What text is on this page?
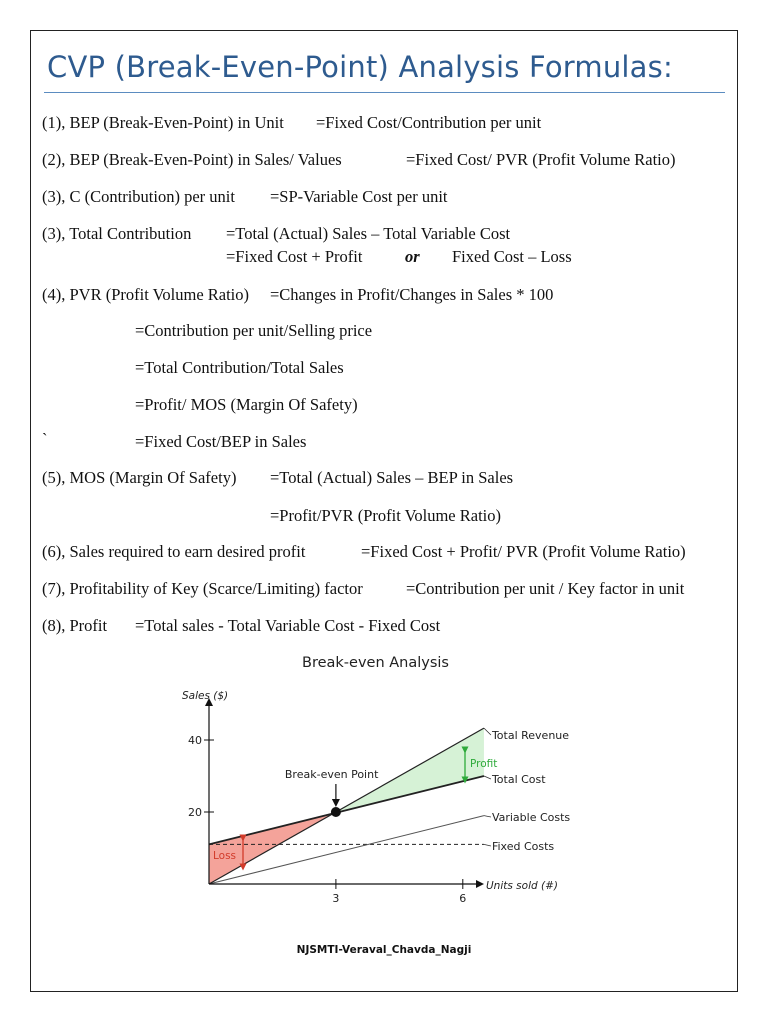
CVP (Break-Even-Point) Analysis Formulas:
(1), BEP (Break-Even-Point) in Unit =Fixed Cost/Contribution per unit
(2), BEP (Break-Even-Point) in Sales/ Values	=Fixed Cost/ PVR (Profit Volume Ratio)
(3), C (Contribution) per unit =SP-Variable Cost per unit
(3), Total Contribution =Total (Actual) Sales – Total Variable Cost
=Fixed Cost + Profit	or Fixed Cost – Loss
(4), PVR (Profit Volume Ratio) =Changes in Profit/Changes in Sales * 100
=Contribution per unit/Selling price
=Total Contribution/Total Sales
=Profit/ MOS (Margin Of Safety)
`	=Fixed Cost/BEP in Sales
(5), MOS (Margin Of Safety) =Total (Actual) Sales – BEP in Sales
=Profit/PVR (Profit Volume Ratio)
(6), Sales required to earn desired profit	=Fixed Cost + Profit/ PVR (Profit Volume Ratio)
(7), Profitability of Key (Scarce/Limiting) factor	=Contribution per unit / Key factor in unit
(8), Profit =Total sales - Total Variable Cost - Fixed Cost
Break-even Analysis
Sales ($)
Units sold (#)
40
20
3	6
Break-even Point
Loss
Profit
Total Revenue
Total Cost
Variable Costs
Fixed Costs
NJSMTI-Veraval_Chavda_Nagji
